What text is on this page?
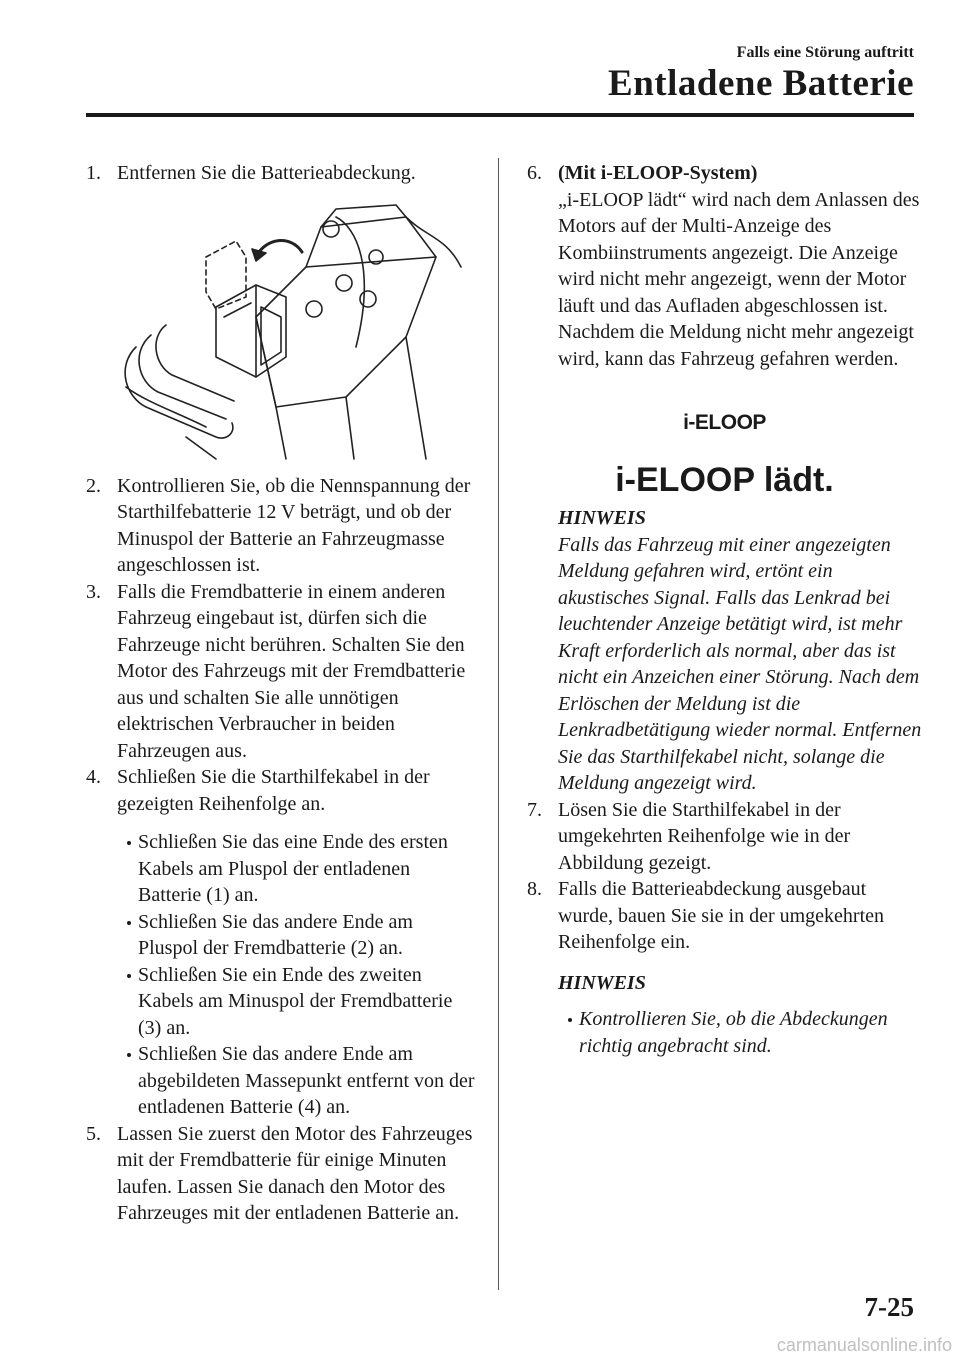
Falls eine Störung auftritt
Entladene Batterie
1. Entfernen Sie die Batterieabdeckung.

2. Kontrollieren Sie, ob die Nennspannung der Starthilfebatterie 12 V beträgt, und ob der Minuspol der Batterie an Fahrzeugmasse angeschlossen ist.

3. Falls die Fremdbatterie in einem anderen Fahrzeug eingebaut ist, dürfen sich die Fahrzeuge nicht berühren. Schalten Sie den Motor des Fahrzeugs mit der Fremdbatterie aus und schalten Sie alle unnötigen elektrischen Verbraucher in beiden Fahrzeugen aus.

4. Schließen Sie die Starthilfekabel in der gezeigten Reihenfolge an.

Schließen Sie das eine Ende des ersten Kabels am Pluspol der entladenen Batterie (1) an.
Schließen Sie das andere Ende am Pluspol der Fremdbatterie (2) an.
Schließen Sie ein Ende des zweiten Kabels am Minuspol der Fremdbatterie (3) an.
Schließen Sie das andere Ende am abgebildeten Massepunkt entfernt von der entladenen Batterie (4) an.
5. Lassen Sie zuerst den Motor des Fahrzeuges mit der Fremdbatterie für einige Minuten laufen. Lassen Sie danach den Motor des Fahrzeuges mit der entladenen Batterie an.

6. (Mit i-ELOOP-System)

„i-ELOOP lädt“ wird nach dem Anlassen des Motors auf der Multi-Anzeige des Kombiinstruments angezeigt. Die Anzeige wird nicht mehr angezeigt, wenn der Motor läuft und das Aufladen abgeschlossen ist. Nachdem die Meldung nicht mehr angezeigt wird, kann das Fahrzeug gefahren werden.

i-ELOOP
i-ELOOP lädt.
HINWEIS
Falls das Fahrzeug mit einer angezeigten Meldung gefahren wird, ertönt ein akustisches Signal. Falls das Lenkrad bei leuchtender Anzeige betätigt wird, ist mehr Kraft erforderlich als normal, aber das ist nicht ein Anzeichen einer Störung. Nach dem Erlöschen der Meldung ist die Lenkradbetätigung wieder normal. Entfernen Sie das Starthilfekabel nicht, solange die Meldung angezeigt wird.
7. Lösen Sie die Starthilfekabel in der umgekehrten Reihenfolge wie in der Abbildung gezeigt.

8. Falls die Batterieabdeckung ausgebaut wurde, bauen Sie sie in der umgekehrten Reihenfolge ein.

HINWEIS
Kontrollieren Sie, ob die Abdeckungen richtig angebracht sind.
7-25
carmanualsonline.info
